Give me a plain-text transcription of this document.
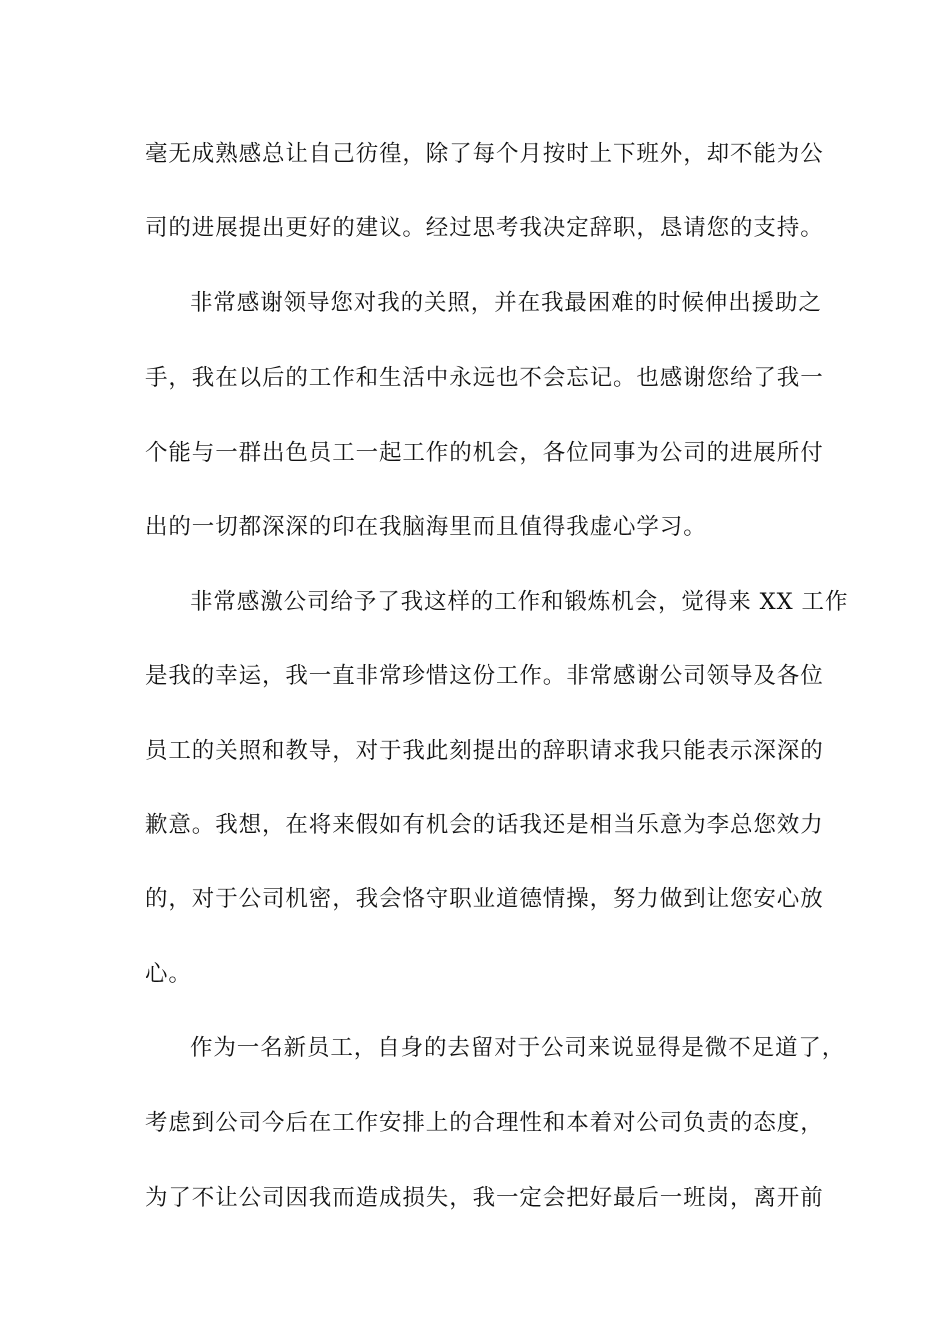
毫无成熟感总让自己彷徨，除了每个月按时上下班外，却不能为公
司的进展提出更好的建议。经过思考我决定辞职，恳请您的支持。
非常感谢领导您对我的关照，并在我最困难的时候伸出援助之
手，我在以后的工作和生活中永远也不会忘记。也感谢您给了我一
个能与一群出色员工一起工作的机会，各位同事为公司的进展所付
出的一切都深深的印在我脑海里而且值得我虚心学习。
非常感激公司给予了我这样的工作和锻炼机会，觉得来 XX 工作
是我的幸运，我一直非常珍惜这份工作。非常感谢公司领导及各位
员工的关照和教导，对于我此刻提出的辞职请求我只能表示深深的
歉意。我想，在将来假如有机会的话我还是相当乐意为李总您效力
的，对于公司机密，我会恪守职业道德情操，努力做到让您安心放
心。
作为一名新员工，自身的去留对于公司来说显得是微不足道了，
考虑到公司今后在工作安排上的合理性和本着对公司负责的态度，
为了不让公司因我而造成损失，我一定会把好最后一班岗，离开前
